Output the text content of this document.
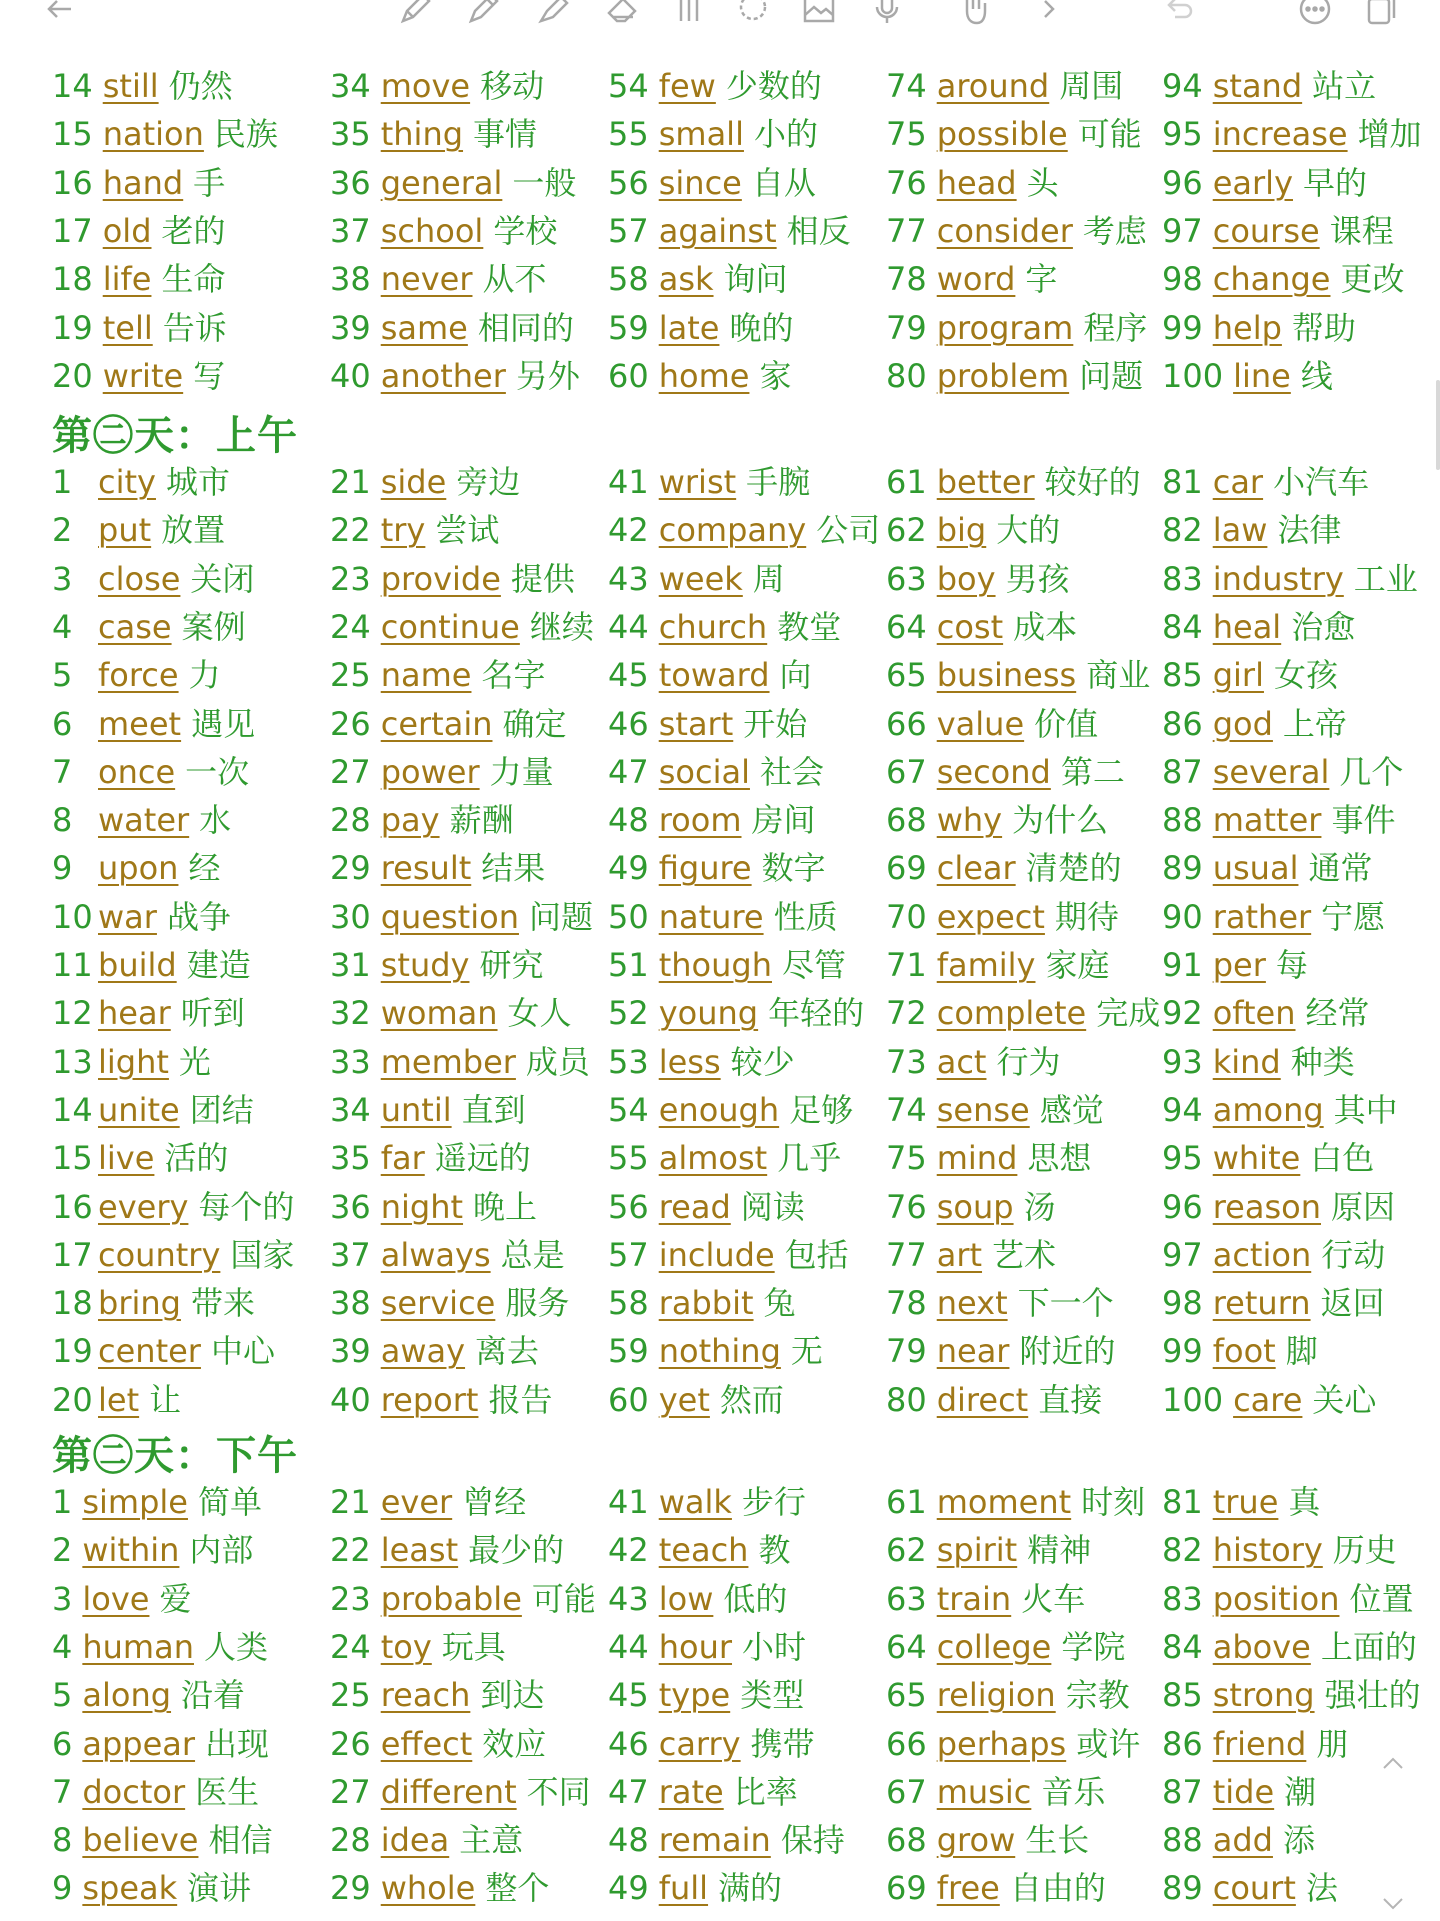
14 still 仍然
15 nation 民族
16 hand 手
17 old 老的
18 life 生命
19 tell 告诉
20 write 写
34 move 移动
35 thing 事情
36 general 一般
37 school 学校
38 never 从不
39 same 相同的
40 another 另外
54 few 少数的
55 small 小的
56 since 自从
57 against 相反
58 ask 询问
59 late 晚的
60 home 家
74 around 周围
75 possible 可能
76 head 头
77 consider 考虑
78 word 字
79 program 程序
80 problem 问题
94 stand 站立
95 increase 增加
96 early 早的
97 course 课程
98 change 更改
99 help 帮助
100 line 线
第㊁天：上午
1 city 城市
2 put 放置
3 close 关闭
4 case 案例
5 force 力
6 meet 遇见
7 once 一次
8 water 水
9 upon 经
10 war 战争
11 build 建造
12 hear 听到
13 light 光
14 unite 团结
15 live 活的
16 every 每个的
17 country 国家
18 bring 带来
19 center 中心
20 let 让
21 side 旁边
22 try 尝试
23 provide 提供
24 continue 继续
25 name 名字
26 certain 确定
27 power 力量
28 pay 薪酬
29 result 结果
30 question 问题
31 study 研究
32 woman 女人
33 member 成员
34 until 直到
35 far 遥远的
36 night 晚上
37 always 总是
38 service 服务
39 away 离去
40 report 报告
41 wrist 手腕
42 company 公司
43 week 周
44 church 教堂
45 toward 向
46 start 开始
47 social 社会
48 room 房间
49 figure 数字
50 nature 性质
51 though 尽管
52 young 年轻的
53 less 较少
54 enough 足够
55 almost 几乎
56 read 阅读
57 include 包括
58 rabbit 兔
59 nothing 无
60 yet 然而
61 better 较好的
62 big 大的
63 boy 男孩
64 cost 成本
65 business 商业
66 value 价值
67 second 第二
68 why 为什么
69 clear 清楚的
70 expect 期待
71 family 家庭
72 complete 完成
73 act 行为
74 sense 感觉
75 mind 思想
76 soup 汤
77 art 艺术
78 next 下一个
79 near 附近的
80 direct 直接
81 car 小汽车
82 law 法律
83 industry 工业
84 heal 治愈
85 girl 女孩
86 god 上帝
87 several 几个
88 matter 事件
89 usual 通常
90 rather 宁愿
91 per 每
92 often 经常
93 kind 种类
94 among 其中
95 white 白色
96 reason 原因
97 action 行动
98 return 返回
99 foot 脚
100 care 关心
第㊁天：下午
1 simple 简单
2 within 内部
3 love 爱
4 human 人类
5 along 沿着
6 appear 出现
7 doctor 医生
8 believe 相信
9 speak 演讲
21 ever 曾经
22 least 最少的
23 probable 可能
24 toy 玩具
25 reach 到达
26 effect 效应
27 different 不同
28 idea 主意
29 whole 整个
41 walk 步行
42 teach 教
43 low 低的
44 hour 小时
45 type 类型
46 carry 携带
47 rate 比率
48 remain 保持
49 full 满的
61 moment 时刻
62 spirit 精神
63 train 火车
64 college 学院
65 religion 宗教
66 perhaps 或许
67 music 音乐
68 grow 生长
69 free 自由的
81 true 真
82 history 历史
83 position 位置
84 above 上面的
85 strong 强壮的
86 friend 朋
87 tide 潮
88 add 添
89 court 法
